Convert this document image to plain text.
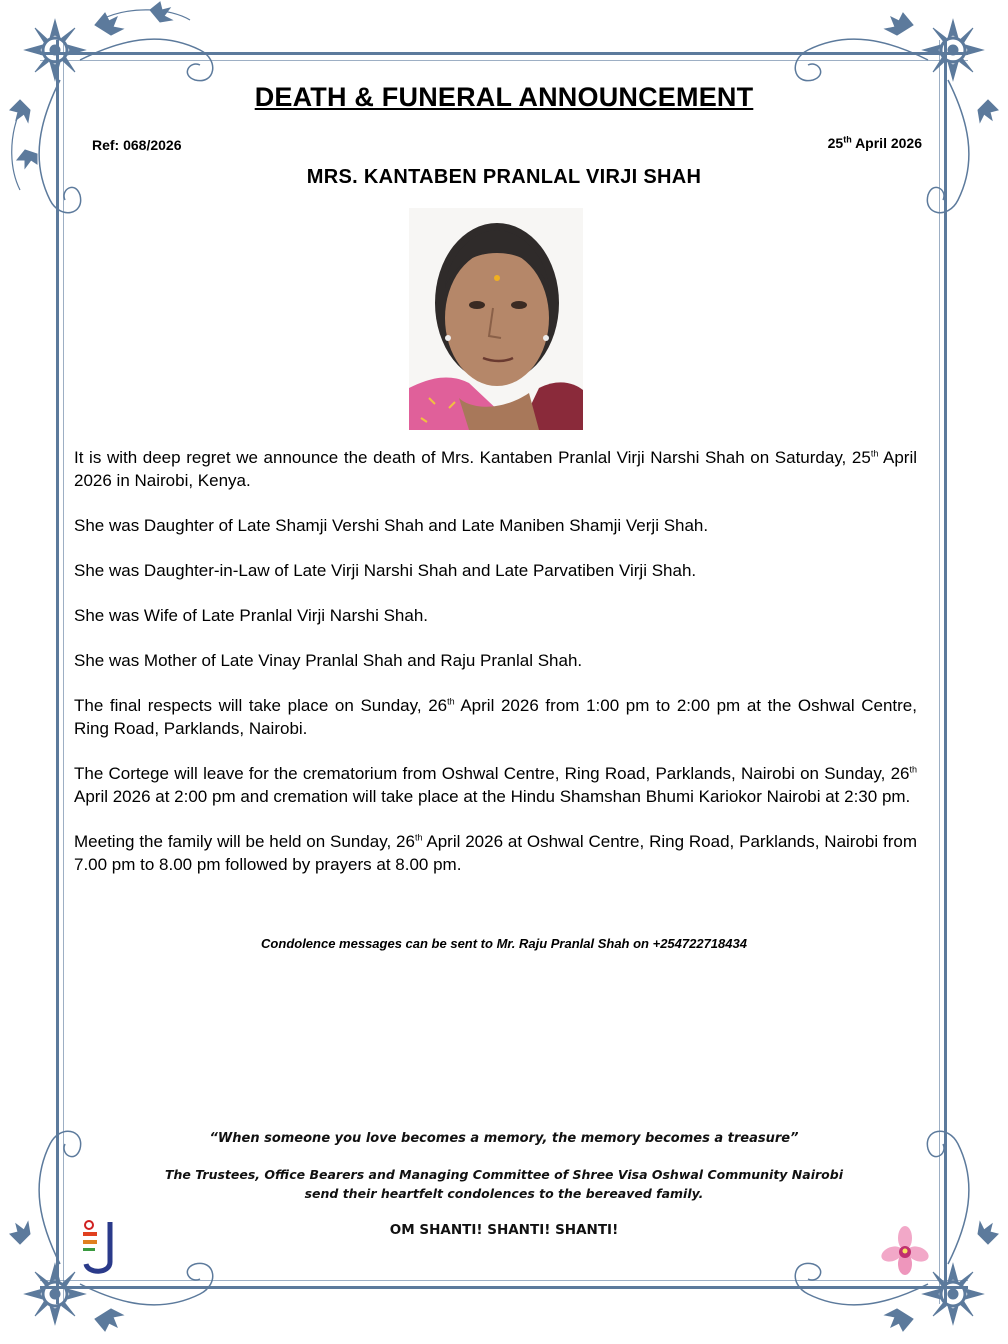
DEATH & FUNERAL ANNOUNCEMENT
Ref: 068/2026	25th April 2026
MRS. KANTABEN PRANLAL VIRJI SHAH

It is with deep regret we announce the death of Mrs. Kantaben Pranlal Virji Narshi Shah on Saturday, 25th April 2026 in Nairobi, Kenya.

She was Daughter of Late Shamji Vershi Shah and Late Maniben Shamji Verji Shah.

She was Daughter-in-Law of Late Virji Narshi Shah and Late Parvatiben Virji Shah.

She was Wife of Late Pranlal Virji Narshi Shah.

She was Mother of Late Vinay Pranlal Shah and Raju Pranlal Shah.

The final respects will take place on Sunday, 26th April 2026 from 1:00 pm to 2:00 pm at the Oshwal Centre, Ring Road, Parklands, Nairobi.

The Cortege will leave for the crematorium from Oshwal Centre, Ring Road, Parklands, Nairobi on Sunday, 26th April 2026 at 2:00 pm and cremation will take place at the Hindu Shamshan Bhumi Kariokor Nairobi at 2:30 pm.

Meeting the family will be held on Sunday, 26th April 2026 at Oshwal Centre, Ring Road, Parklands, Nairobi from 7.00 pm to 8.00 pm followed by prayers at 8.00 pm.

Condolence messages can be sent to Mr. Raju Pranlal Shah on +254722718434
“When someone you love becomes a memory, the memory becomes a treasure”
The Trustees, Office Bearers and Managing Committee of Shree Visa Oshwal Community Nairobi
send their heartfelt condolences to the bereaved family.
OM SHANTI! SHANTI! SHANTI!
